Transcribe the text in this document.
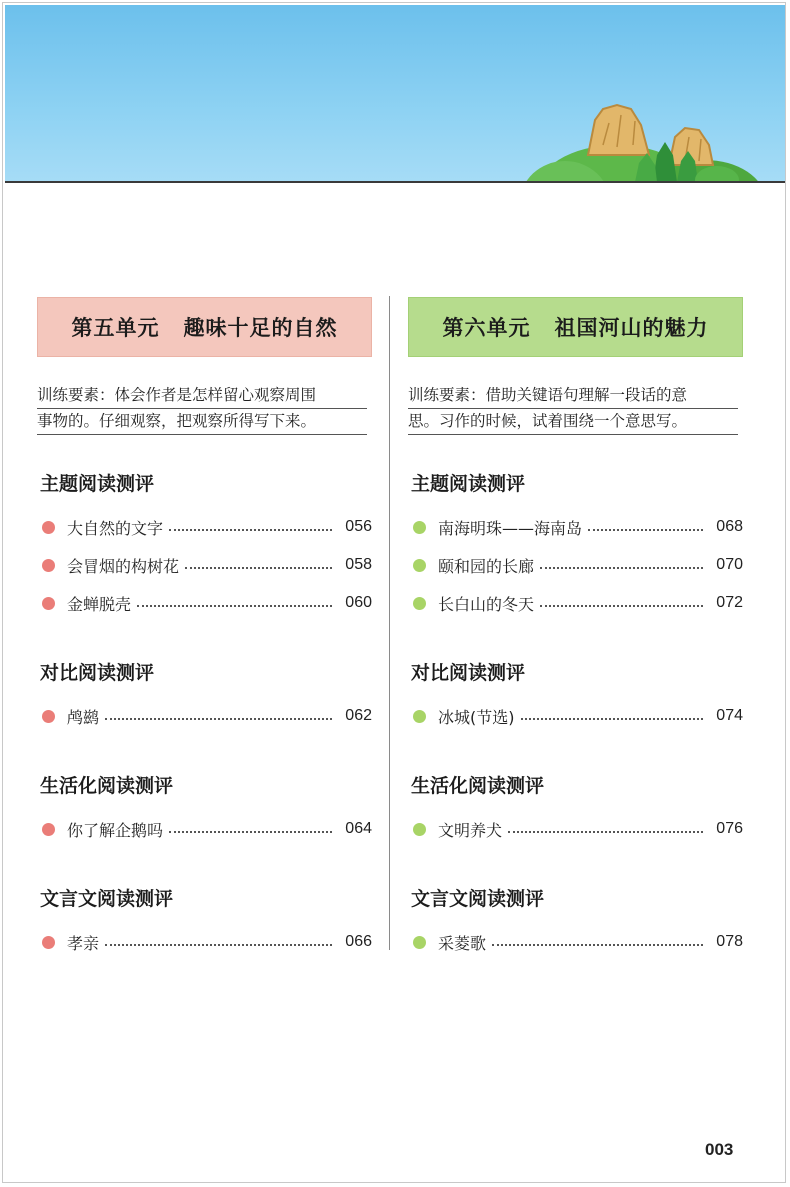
第五单元 趣味十足的自然
训练要素：体会作者是怎样留心观察周围
事物的。仔细观察，把观察所得写下来。
主题阅读测评
大自然的文字	056
会冒烟的构树花	058
金蝉脱壳	060
对比阅读测评
鸬鹚	062
生活化阅读测评
你了解企鹅吗	064
文言文阅读测评
孝亲	066
第六单元 祖国河山的魅力
训练要素：借助关键语句理解一段话的意
思。习作的时候，试着围绕一个意思写。
主题阅读测评
南海明珠——海南岛	068
颐和园的长廊	070
长白山的冬天	072
对比阅读测评
冰城(节选)	074
生活化阅读测评
文明养犬	076
文言文阅读测评
采菱歌	078
003
